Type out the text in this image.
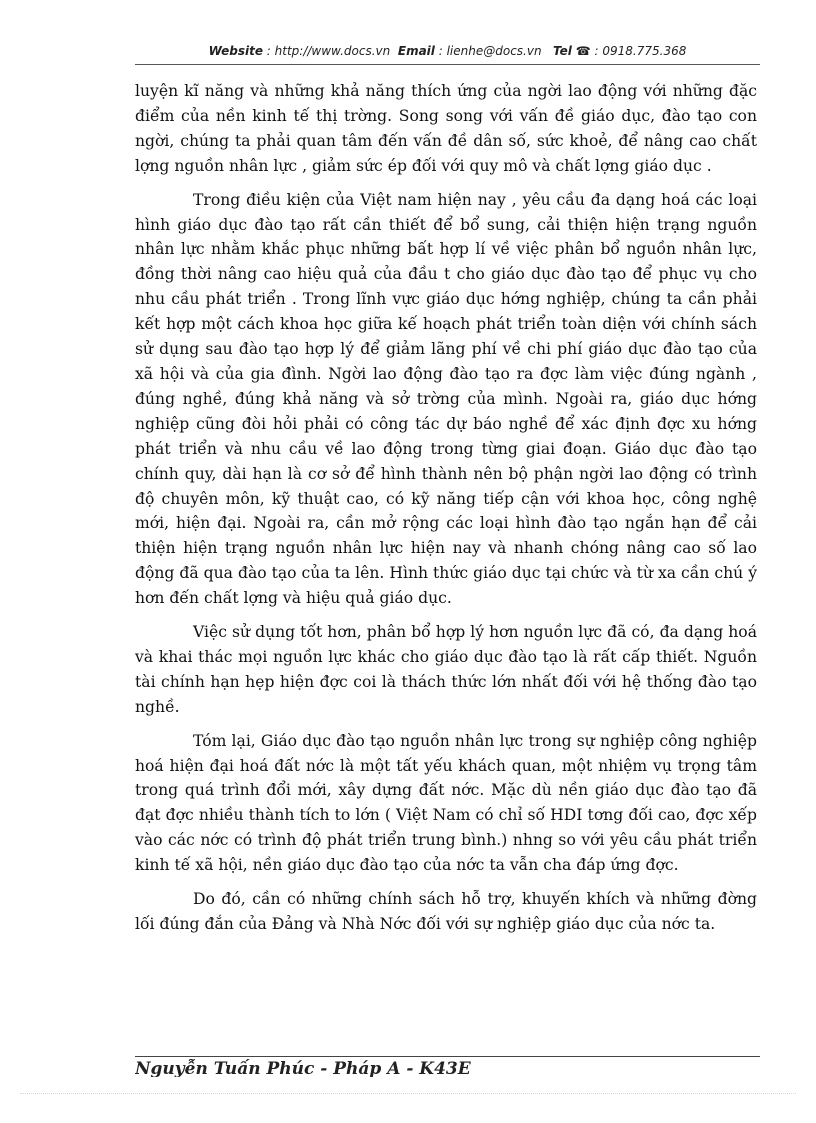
Website : http://www.docs.vn Email : lienhe@docs.vn Tel ☎ : 0918.775.368

luyện kĩ năng và những khả năng thích ứng của ngời lao động với những đặc điểm của nền kinh tế thị trờng. Song song với vấn đề giáo dục, đào tạo con ngời, chúng ta phải quan tâm đến vấn đề dân số, sức khoẻ, để nâng cao chất lợng nguồn nhân lực , giảm sức ép đối với quy mô và chất lợng giáo dục .

Trong điều kiện của Việt nam hiện nay , yêu cầu đa dạng hoá các loại hình giáo dục đào tạo rất cần thiết để bổ sung, cải thiện hiện trạng nguồn nhân lực nhằm khắc phục những bất hợp lí về việc phân bổ nguồn nhân lực, đồng thời nâng cao hiệu quả của đầu t cho giáo dục đào tạo để phục vụ cho nhu cầu phát triển . Trong lĩnh vực giáo dục hớng nghiệp, chúng ta cần phải kết hợp một cách khoa học giữa kế hoạch phát triển toàn diện với chính sách sử dụng sau đào tạo hợp lý để giảm lãng phí về chi phí giáo dục đào tạo của xã hội và của gia đình. Ngời lao động đào tạo ra đợc làm việc đúng ngành , đúng nghề, đúng khả năng và sở trờng của mình. Ngoài ra, giáo dục hớng nghiệp cũng đòi hỏi phải có công tác dự báo nghề để xác định đợc xu hớng phát triển và nhu cầu về lao động trong từng giai đoạn. Giáo dục đào tạo chính quy, dài hạn là cơ sở để hình thành nên bộ phận ngời lao động có trình độ chuyên môn, kỹ thuật cao, có kỹ năng tiếp cận với khoa học, công nghệ mới, hiện đại. Ngoài ra, cần mở rộng các loại hình đào tạo ngắn hạn để cải thiện hiện trạng nguồn nhân lực hiện nay và nhanh chóng nâng cao số lao động đã qua đào tạo của ta lên. Hình thức giáo dục tại chức và từ xa cần chú ý hơn đến chất lợng và hiệu quả giáo dục.

Việc sử dụng tốt hơn, phân bổ hợp lý hơn nguồn lực đã có, đa dạng hoá và khai thác mọi nguồn lực khác cho giáo dục đào tạo là rất cấp thiết. Nguồn tài chính hạn hẹp hiện đợc coi là thách thức lớn nhất đối với hệ thống đào tạo nghề.

Tóm lại, Giáo dục đào tạo nguồn nhân lực trong sự nghiệp công nghiệp hoá hiện đại hoá đất nớc là một tất yếu khách quan, một nhiệm vụ trọng tâm trong quá trình đổi mới, xây dựng đất nớc. Mặc dù nền giáo dục đào tạo đã đạt đợc nhiều thành tích to lớn ( Việt Nam có chỉ số HDI tơng đối cao, đợc xếp vào các nớc có trình độ phát triển trung bình.) nhng so với yêu cầu phát triển kinh tế xã hội, nền giáo dục đào tạo của nớc ta vẫn cha đáp ứng đợc.

Do đó, cần có những chính sách hỗ trợ, khuyến khích và những đờng lối đúng đắn của Đảng và Nhà Nớc đối với sự nghiệp giáo dục của nớc ta.

Nguyễn Tuấn Phúc - Pháp A - K43E
